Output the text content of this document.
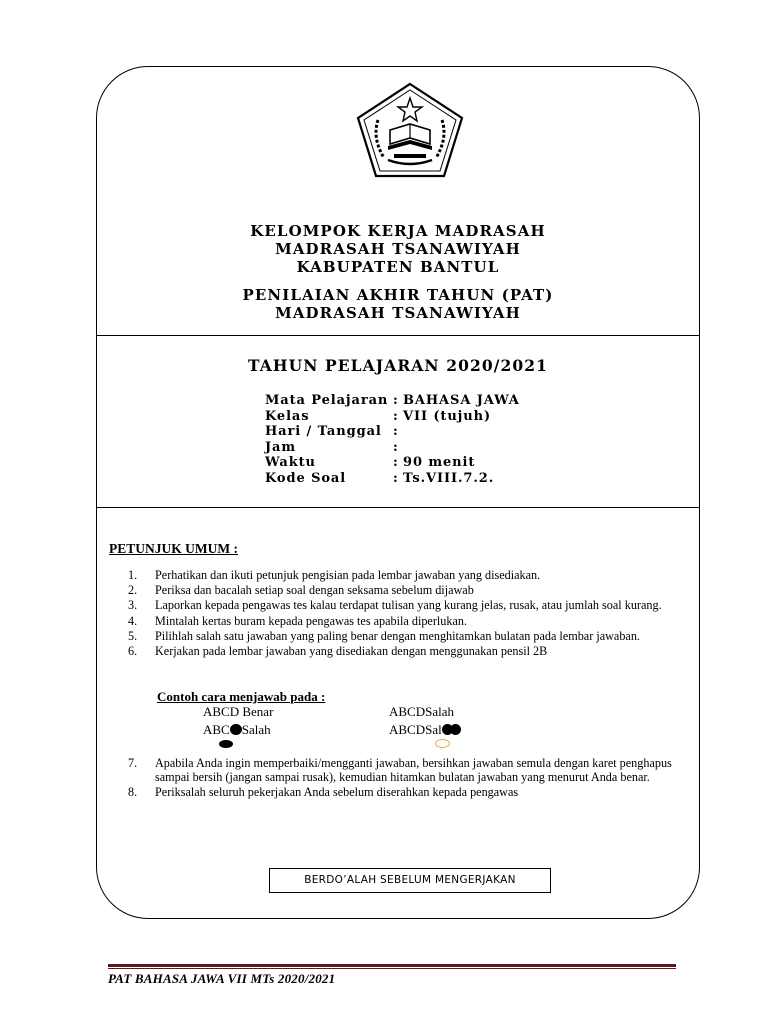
KELOMPOK KERJA MADRASAH

MADRASAH TSANAWIYAH

KABUPATEN BANTUL

PENILAIAN AKHIR TAHUN (PAT)

MADRASAH TSANAWIYAH

TAHUN PELAJARAN 2020/2021

Mata Pelajaran : BAHASA JAWA
Kelas	: VII (tujuh)
Hari / Tanggal :
Jam	:
Waktu	: 90 menit
Kode Soal	: Ts.VIII.7.2.

PETUNJUK UMUM :

1.	Perhatikan dan ikuti petunjuk pengisian pada lembar jawaban yang disediakan.
2.	Periksa dan bacalah setiap soal dengan seksama sebelum dijawab
3.	Laporkan kepada pengawas tes kalau terdapat tulisan yang kurang jelas, rusak, atau jumlah soal kurang.
4.	Mintalah kertas buram kepada pengawas tes apabila diperlukan.
5.	Pilihlah salah satu jawaban yang paling benar dengan menghitamkan bulatan pada lembar jawaban.
6.	Kerjakan pada lembar jawaban yang disediakan dengan menggunakan pensil 2B

Contoh cara menjawab pada :

ABCD Benar	ABCDSalah
ABC Salah	ABCDSal
7.	Apabila Anda ingin memperbaiki/mengganti jawaban, bersihkan jawaban semula dengan karet penghapus sampai bersih (jangan sampai rusak), kemudian hitamkan bulatan jawaban yang menurut Anda benar.
8.	Periksalah seluruh pekerjakan Anda sebelum diserahkan kepada pengawas
BERDO’ALAH SEBELUM MENGERJAKAN

PAT BAHASA JAWA VII MTs 2020/2021
